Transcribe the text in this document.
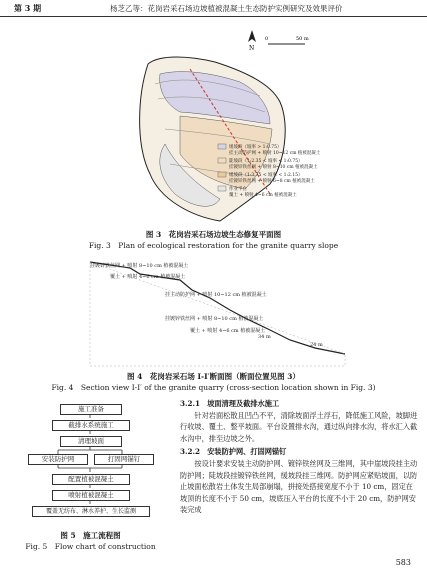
第 3 期	杨芝乙等：花岗岩采石场边坡植被混凝土生态防护实例研究及效果评价
N
0	50 m
缓坡段（坡率 > 1:0.75）
挂主动防护网 + 喷射 10~12 cm 植被混凝土
陡坡段（1:2.35 < 坡率 < 1:0.75）
挂镀锌铁丝网 + 喷射 8~10 cm 植被混凝土
缓坡段（1:3.75 < 坡率 < 1:2.15）
挂镀锌铁丝网 + 喷射 6~8 cm 植被混凝土
作业平台
覆土 + 喷射 4~6 cm 植被混凝土
图 3　花岗岩采石场边坡生态修复平面图
Fig. 3　Plan of ecological restoration for the granite quarry slope
挂镀锌铁丝网 + 喷射 8~10 cm 植被混凝土
覆土 + 喷射 4~6 cm 植被混凝土
挂主动防护网 + 喷射 10~12 cm 植被混凝土
挂镀锌铁丝网 + 喷射 8~10 cm 植被混凝土
覆土 + 喷射 4~6 cm 植被混凝土
34 m
24 m
图 4　花岗岩采石场 I-I′断面图（断面位置见图 3）
Fig. 4　Section view I-I′ of the granite quarry (cross-section location shown in Fig. 3)
施工准备
截排水系统施工
清理坡面
安装防护网	打固网锚钉
配置植被混凝土
喷射植被混凝土
覆盖无纺布、淋水养护、生长监测
图 5　施工流程图
Fig. 5　Flow chart of construction
3.2.1　坡面清理及截排水施工
针对岩面松散且凹凸不平，清除坡面浮土浮石，降低施工风险，坡脚进行收坡、覆土、整平坡面。平台设置排水沟，通过纵向排水沟，将水汇入截水沟中，排至边坡之外。
3.2.2　安装防护网、打固网锚钉
按设计要求安装主动防护网、镀锌铁丝网及三维网，其中崖坡段挂主动防护网；陡坡段挂镀锌铁丝网，缓坡段挂三维网。防护网应紧贴坡面，以防止坡面松散岩土体发生局部崩塌，拼接处搭接宽度不小于 10 cm，固定在坡顶的长度不小于 50 cm，坡底压入平台的长度不小于 20 cm，防护网安装完成
583
